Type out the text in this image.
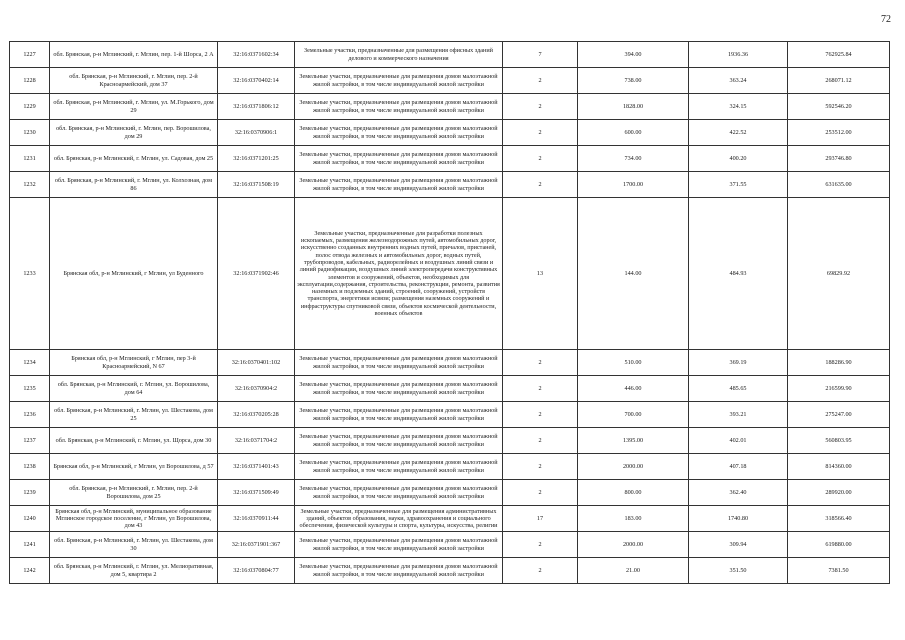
72
1227	обл. Брянская, р-н Мглинский, г. Мглин, пер. 1-й Шорса, 2 А	32:16:0371602:34	Земельные участки, предназначенные для размещения офисных зданий делового и коммерческого назначения	7	394.00	1936.36	762925.84
1228	обл. Брянская, р-н Мглинский, г. Мглин, пер. 2-й Красноармейский, дом 37	32:16:0370402:14	Земельные участки, предназначенные для размещения домов малоэтажной жилой застройки, в том числе индивидуальной жилой застройки	2	738.00	363.24	268071.12
1229	обл. Брянская, р-н Мглинский, г. Мглин, ул. М.Горького, дом 29	32:16:0371806:12	Земельные участки, предназначенные для размещения домов малоэтажной жилой застройки, в том числе индивидуальной жилой застройки	2	1828.00	324.15	592546.20
1230	обл. Брянская, р-н Мглинский, г. Мглин, пер. Ворошилова, дом 29	32:16:0370906:1	Земельные участки, предназначенные для размещения домов малоэтажной жилой застройки, в том числе индивидуальной жилой застройки	2	600.00	422.52	253512.00
1231	обл. Брянская, р-н Мглинский, г. Мглин, ул. Садовая, дом 25	32:16:0371201:25	Земельные участки, предназначенные для размещения домов малоэтажной жилой застройки, в том числе индивидуальной жилой застройки	2	734.00	400.20	293746.80
1232	обл. Брянская, р-н Мглинский, г. Мглин, ул. Колхозная, дом 86	32:16:0371508:19	Земельные участки, предназначенные для размещения домов малоэтажной жилой застройки, в том числе индивидуальной жилой застройки	2	1700.00	371.55	631635.00
1233	Брянская обл, р-н Мглинский, г Мглин, ул Буденного	32:16:0371902:46	Земельные участки, предназначенные для разработки полезных ископаемых, размещения железнодорожных путей, автомобильных дорог, искусственно созданных внутренних водных путей, причалов, пристаней, полос отвода железных и автомобильных дорог, водных путей, трубопроводов, кабельных, радиорелейных и воздушных линий связи и линий радиофикации, воздушных линий электропередачи конструктивных элементов и сооружений, объектов, необходимых для эксплуатации,содержания, строительства, реконструкции, ремонта, развития наземных и подземных зданий, строений, сооружений, устройств транспорта, энергетики исвязи; размещения наземных сооружений и инфраструктуры спутниковой связи, объектов космической деятельности, военных объектов	13	144.00	484.93	69829.92
1234	Брянская обл, р-н Мглинский, г Мглин, пер 3-й Красноармейский, N 67	32:16:0370401:102	Земельные участки, предназначенные для размещения домов малоэтажной жилой застройки, в том числе индивидуальной жилой застройки	2	510.00	369.19	188286.90
1235	обл. Брянская, р-н Мглинский, г. Мглин, ул. Ворошилова, дом 64	32:16:0370904:2	Земельные участки, предназначенные для размещения домов малоэтажной жилой застройки, в том числе индивидуальной жилой застройки	2	446.00	485.65	216599.90
1236	обл. Брянская, р-н Мглинский, г. Мглин, ул. Шестакова, дом 25	32:16:0370205:28	Земельные участки, предназначенные для размещения домов малоэтажной жилой застройки, в том числе индивидуальной жилой застройки	2	700.00	393.21	275247.00
1237	обл. Брянская, р-н Мглинский, г. Мглин, ул. Щорса, дом 30	32:16:0371704:2	Земельные участки, предназначенные для размещения домов малоэтажной жилой застройки, в том числе индивидуальной жилой застройки	2	1395.00	402.01	560803.95
1238	Брянская обл, р-н Мглинский, г Мглин, ул Ворошилова, д 57	32:16:0371401:43	Земельные участки, предназначенные для размещения домов малоэтажной жилой застройки, в том числе индивидуальной жилой застройки	2	2000.00	407.18	814360.00
1239	обл. Брянская, р-н Мглинский, г. Мглин, пер. 2-й Ворошилова, дом 25	32:16:0371509:49	Земельные участки, предназначенные для размещения домов малоэтажной жилой застройки, в том числе индивидуальной жилой застройки	2	800.00	362.40	289920.00
1240	Брянская обл, р-н Мглинский, муниципальное образование Мглинское городское поселение, г Мглин, ул Ворошилова, дом 43	32:16:0370911:44	Земельные участки, предназначенные для размещения административных зданий, объектов образования, науки, здравоохранения и социального обеспечения, физической культуры и спорта, культуры, искусства, религии	17	183.00	1740.80	318566.40
1241	обл. Брянская, р-н Мглинский, г. Мглин, ул. Шестакова, дом 30	32:16:0371901:367	Земельные участки, предназначенные для размещения домов малоэтажной жилой застройки, в том числе индивидуальной жилой застройки	2	2000.00	309.94	619880.00
1242	обл. Брянская, р-н Мглинский, г. Мглин, ул. Мелиоративная, дом 5, квартира 2	32:16:0370804:77	Земельные участки, предназначенные для размещения домов малоэтажной жилой застройки, в том числе индивидуальной жилой застройки	2	21.00	351.50	7381.50
